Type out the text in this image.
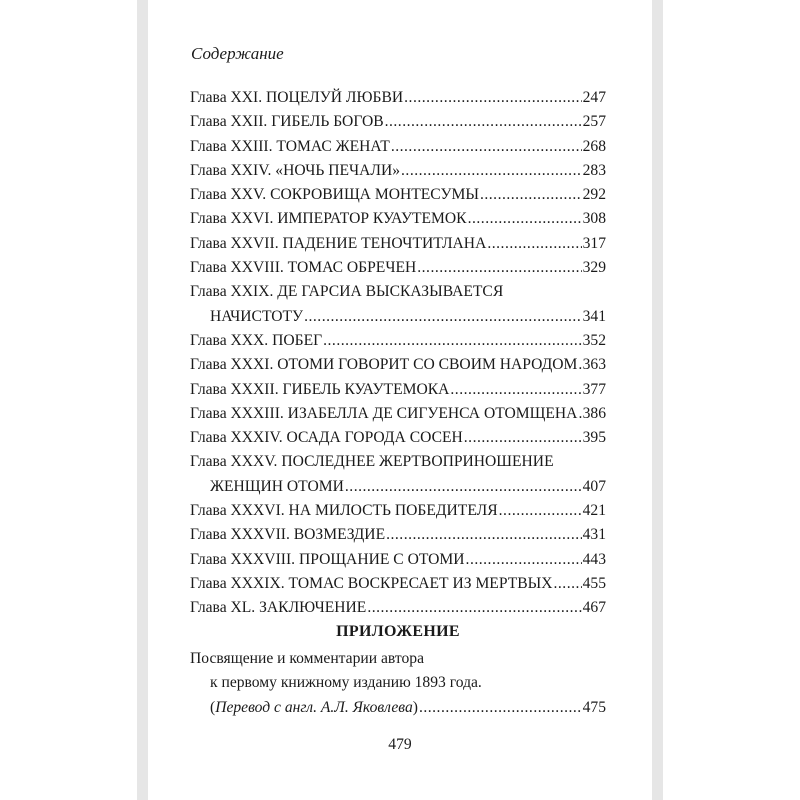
Содержание
Глава XXI. ПОЦЕЛУЙ ЛЮБВИ .....	247
Глава XXII. ГИБЕЛЬ БОГОВ .....	257
Глава XXIII. ТОМАС ЖЕНАТ .....	268
Глава XXIV. «НОЧЬ ПЕЧАЛИ» .....	283
Глава XXV. СОКРОВИЩА МОНТЕСУМЫ .....	292
Глава XXVI. ИМПЕРАТОР КУАУТЕМОК .....	308
Глава XXVII. ПАДЕНИЕ ТЕНОЧТИТЛАНА .....	317
Глава XXVIII. ТОМАС ОБРЕЧЕН .....	329
Глава XXIX. ДЕ ГАРСИА ВЫСКАЗЫВАЕТСЯ
НАЧИСТОТУ .....	341
Глава XXX. ПОБЕГ .....	352
Глава XXXI. ОТОМИ ГОВОРИТ СО СВОИМ НАРОДОМ ..... 363
Глава XXXII. ГИБЕЛЬ КУАУТЕМОКА .....	377
Глава XXXIII. ИЗАБЕЛЛА ДЕ СИГУЕНСА ОТОМЩЕНА ..... 386
Глава XXXIV. ОСАДА ГОРОДА СОСЕН .....	395
Глава XXXV. ПОСЛЕДНЕЕ ЖЕРТВОПРИНОШЕНИЕ
ЖЕНЩИН ОТОМИ .....	407
Глава XXXVI. НА МИЛОСТЬ ПОБЕДИТЕЛЯ .....	421
Глава XXXVII. ВОЗМЕЗДИЕ .....	431
Глава XXXVIII. ПРОЩАНИЕ С ОТОМИ .....	443
Глава XXXIX. ТОМАС ВОСКРЕСАЕТ ИЗ МЕРТВЫХ ..... 455
Глава XL. ЗАКЛЮЧЕНИЕ .....	467
ПРИЛОЖЕНИЕ
Посвящение и комментарии автора
к первому книжному изданию 1893 года.
( Перевод с англ. А.Л. Яковлева ) .....	475
479
